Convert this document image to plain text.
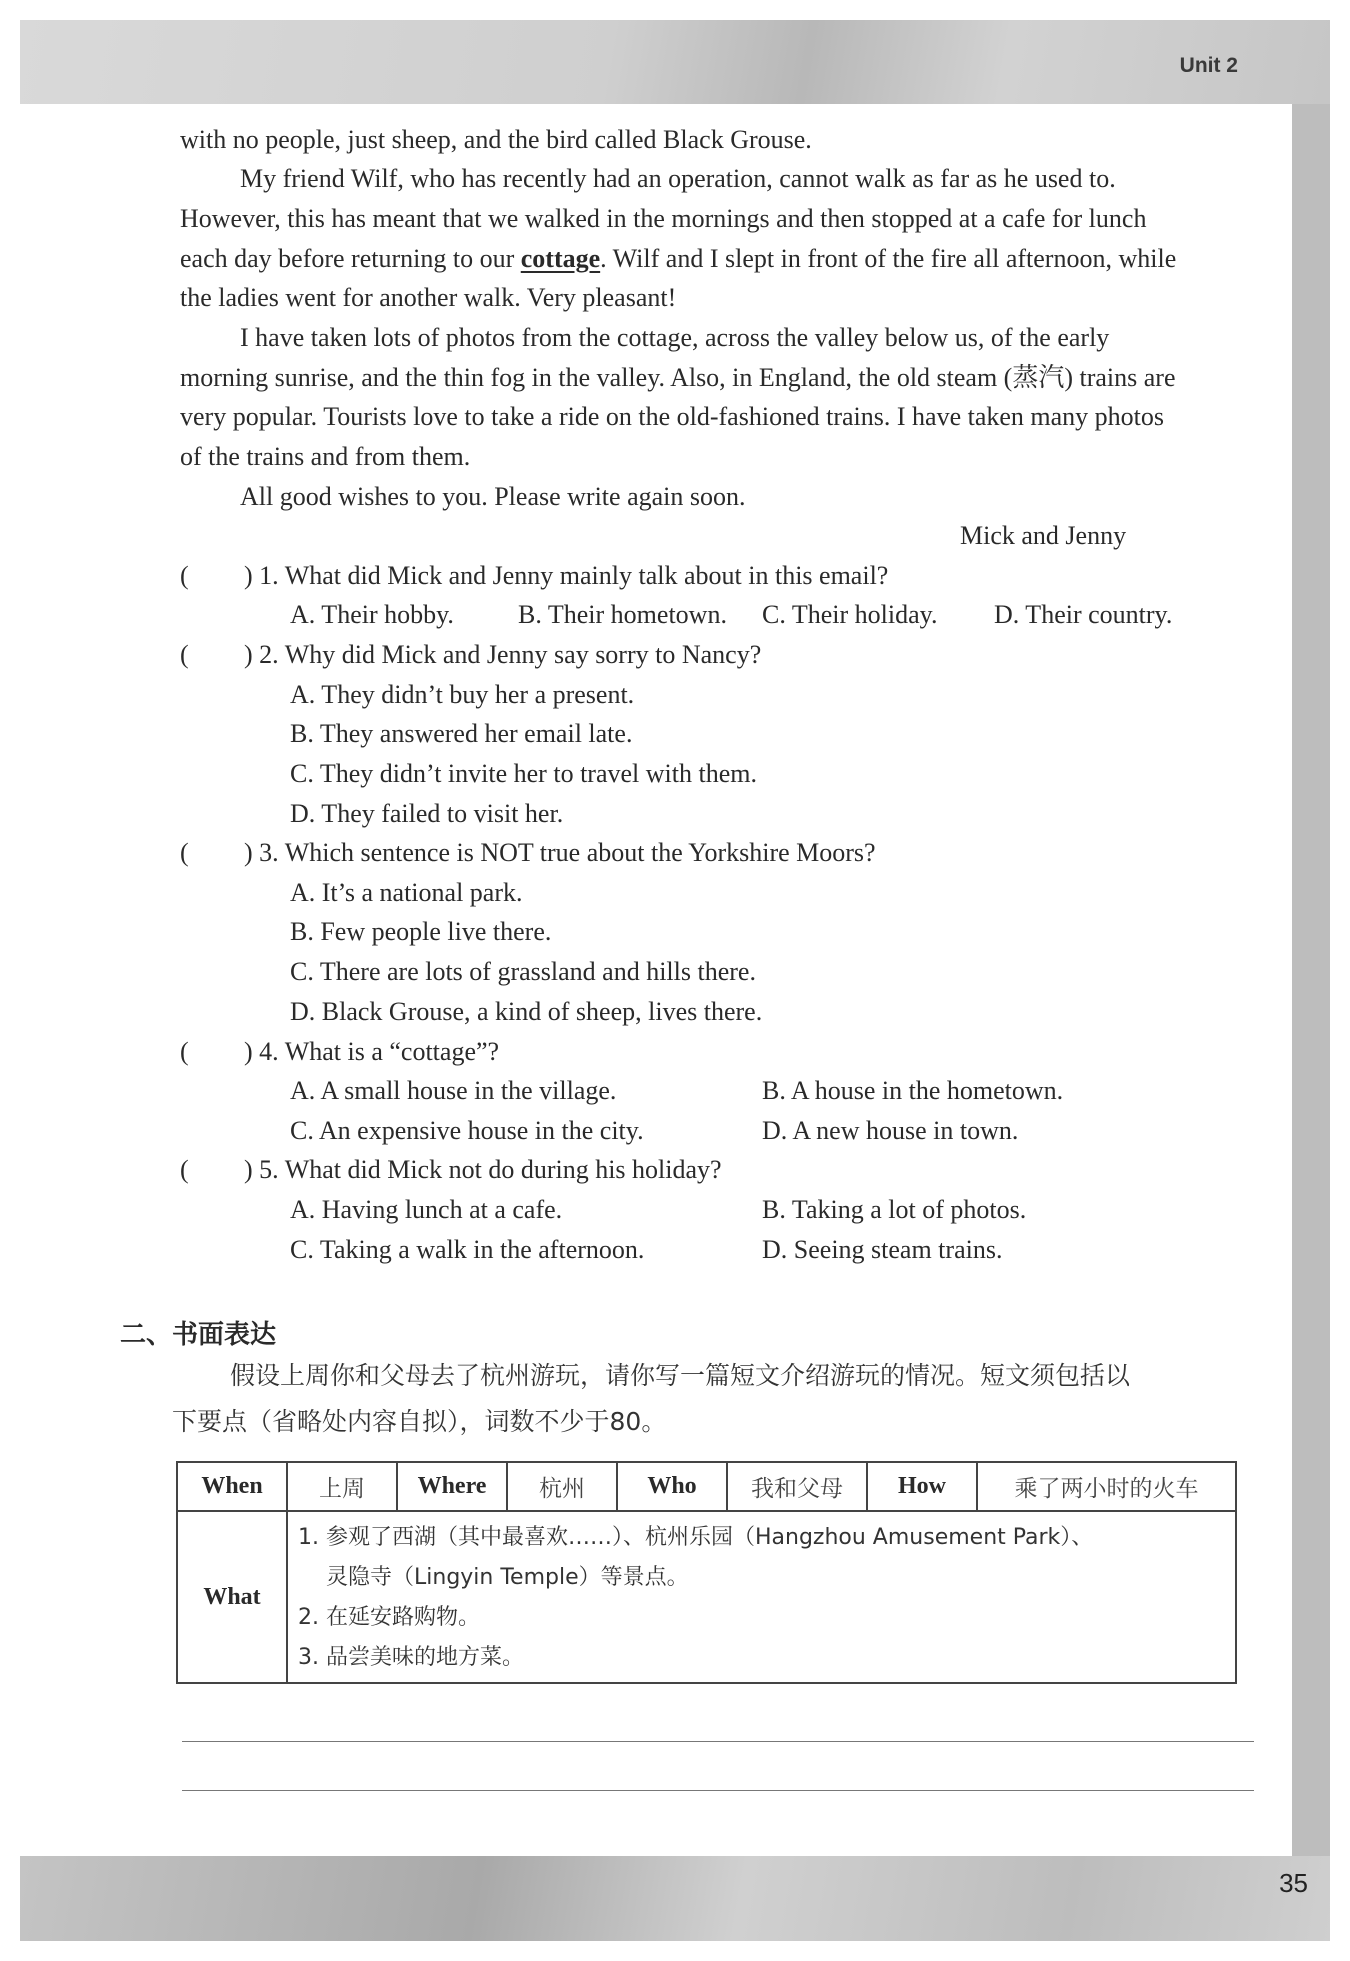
Unit 2
with no people, just sheep, and the bird called Black Grouse.
My friend Wilf, who has recently had an operation, cannot walk as far as he used to.
However, this has meant that we walked in the mornings and then stopped at a cafe for lunch
each day before returning to our cottage. Wilf and I slept in front of the fire all afternoon, while
the ladies went for another walk. Very pleasant!
I have taken lots of photos from the cottage, across the valley below us, of the early
morning sunrise, and the thin fog in the valley. Also, in England, the old steam (蒸汽) trains are
very popular. Tourists love to take a ride on the old-fashioned trains. I have taken many photos
of the trains and from them.
All good wishes to you. Please write again soon.
Mick and Jenny
( ) 1. What did Mick and Jenny mainly talk about in this email?
A. Their hobby. B. Their hometown. C. Their holiday. D. Their country.
( ) 2. Why did Mick and Jenny say sorry to Nancy?
A. They didn’t buy her a present.
B. They answered her email late.
C. They didn’t invite her to travel with them.
D. They failed to visit her.
( ) 3. Which sentence is NOT true about the Yorkshire Moors?
A. It’s a national park.
B. Few people live there.
C. There are lots of grassland and hills there.
D. Black Grouse, a kind of sheep, lives there.
( ) 4. What is a “cottage”?
A. A small house in the village.	B. A house in the hometown.
C. An expensive house in the city.	D. A new house in town.
( ) 5. What did Mick not do during his holiday?
A. Having lunch at a cafe.	B. Taking a lot of photos.
C. Taking a walk in the afternoon.	D. Seeing steam trains.
二、书面表达
假设上周你和父母去了杭州游玩，请你写一篇短文介绍游玩的情况。短文须包括以
下要点（省略处内容自拟），词数不少于80。
When	上周	Where	杭州	Who	我和父母	How	乘了两小时的火车
What	1. 参观了西湖（其中最喜欢……）、杭州乐园（Hangzhou Amusement Park）、
灵隐寺（Lingyin Temple）等景点。
2. 在延安路购物。
3. 品尝美味的地方菜。						
35
